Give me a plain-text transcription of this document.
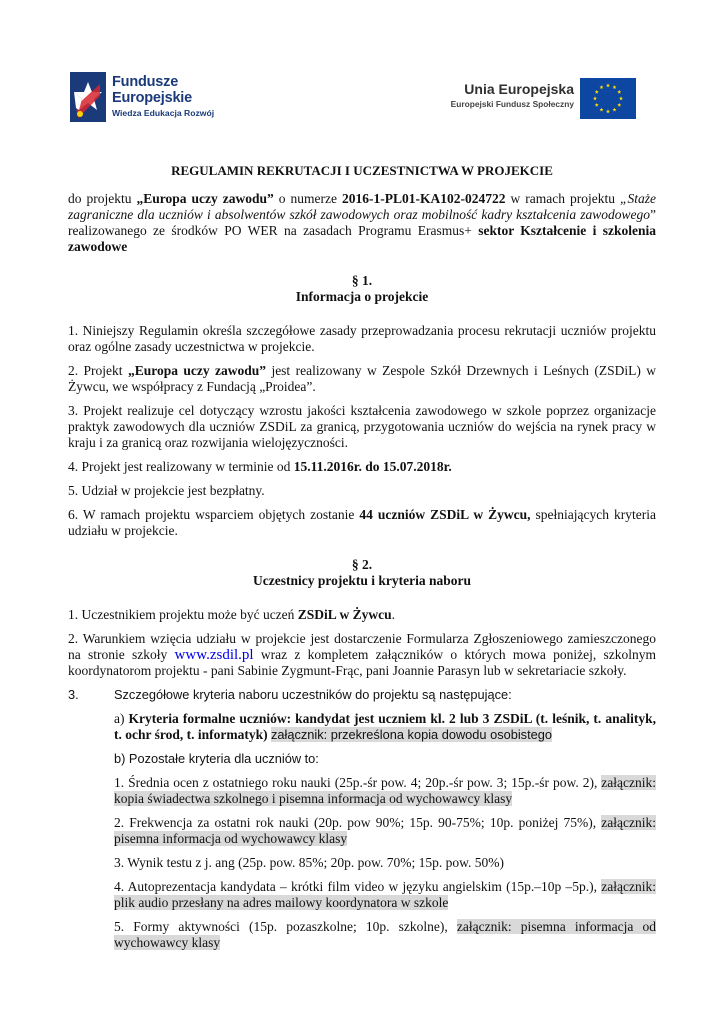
Fundusze
Europejskie
Wiedza Edukacja Rozwój
Unia Europejska
Europejski Fundusz Społeczny
REGULAMIN REKRUTACJI I UCZESTNICTWA W PROJEKCIE

do projektu „Europa uczy zawodu” o numerze 2016-1-PL01-KA102-024722 w ramach projektu „Staże zagraniczne dla uczniów i absolwentów szkół zawodowych oraz mobilność kadry kształcenia zawodowego” realizowanego ze środków PO WER na zasadach Programu Erasmus+ sektor Kształcenie i szkolenia zawodowe

§ 1.
Informacja o projekcie

1. Niniejszy Regulamin określa szczegółowe zasady przeprowadzania procesu rekrutacji uczniów projektu oraz ogólne zasady uczestnictwa w projekcie.

2. Projekt „Europa uczy zawodu” jest realizowany w Zespole Szkół Drzewnych i Leśnych (ZSDiL) w Żywcu, we współpracy z Fundacją „Proidea”.

3. Projekt realizuje cel dotyczący wzrostu jakości kształcenia zawodowego w szkole poprzez organizacje praktyk zawodowych dla uczniów ZSDiL za granicą, przygotowania uczniów do wejścia na rynek pracy w kraju i za granicą oraz rozwijania wielojęzyczności.

4. Projekt jest realizowany w terminie od 15.11.2016r. do 15.07.2018r.

5. Udział w projekcie jest bezpłatny.

6. W ramach projektu wsparciem objętych zostanie 44 uczniów ZSDiL w Żywcu, spełniających kryteria udziału w projekcie.

§ 2.
Uczestnicy projektu i kryteria naboru

1. Uczestnikiem projektu może być uczeń ZSDiL w Żywcu.

2. Warunkiem wzięcia udziału w projekcie jest dostarczenie Formularza Zgłoszeniowego zamieszczonego na stronie szkoły www.zsdil.pl wraz z kompletem załączników o których mowa poniżej, szkolnym koordynatorom projektu - pani Sabinie Zygmunt-Frąc, pani Joannie Parasyn lub w sekretariacie szkoły.

3.	Szczegółowe kryteria naboru uczestników do projektu są następujące:

a) Kryteria formalne uczniów: kandydat jest uczniem kl. 2 lub 3 ZSDiL (t. leśnik, t. analityk, t. ochr środ, t. informatyk) załącznik: przekreślona kopia dowodu osobistego

b) Pozostałe kryteria dla uczniów to:

1. Średnia ocen z ostatniego roku nauki (25p.-śr pow. 4; 20p.-śr pow. 3; 15p.-śr pow. 2), załącznik: kopia świadectwa szkolnego i pisemna informacja od wychowawcy klasy

2. Frekwencja za ostatni rok nauki (20p. pow 90%; 15p. 90-75%; 10p. poniżej 75%), załącznik: pisemna informacja od wychowawcy klasy

3. Wynik testu z j. ang (25p. pow. 85%; 20p. pow. 70%; 15p. pow. 50%)

4. Autoprezentacja kandydata – krótki film video w języku angielskim (15p.–10p –5p.), załącznik: plik audio przesłany na adres mailowy koordynatora w szkole

5. Formy aktywności (15p. pozaszkolne; 10p. szkolne), załącznik: pisemna informacja od wychowawcy klasy
